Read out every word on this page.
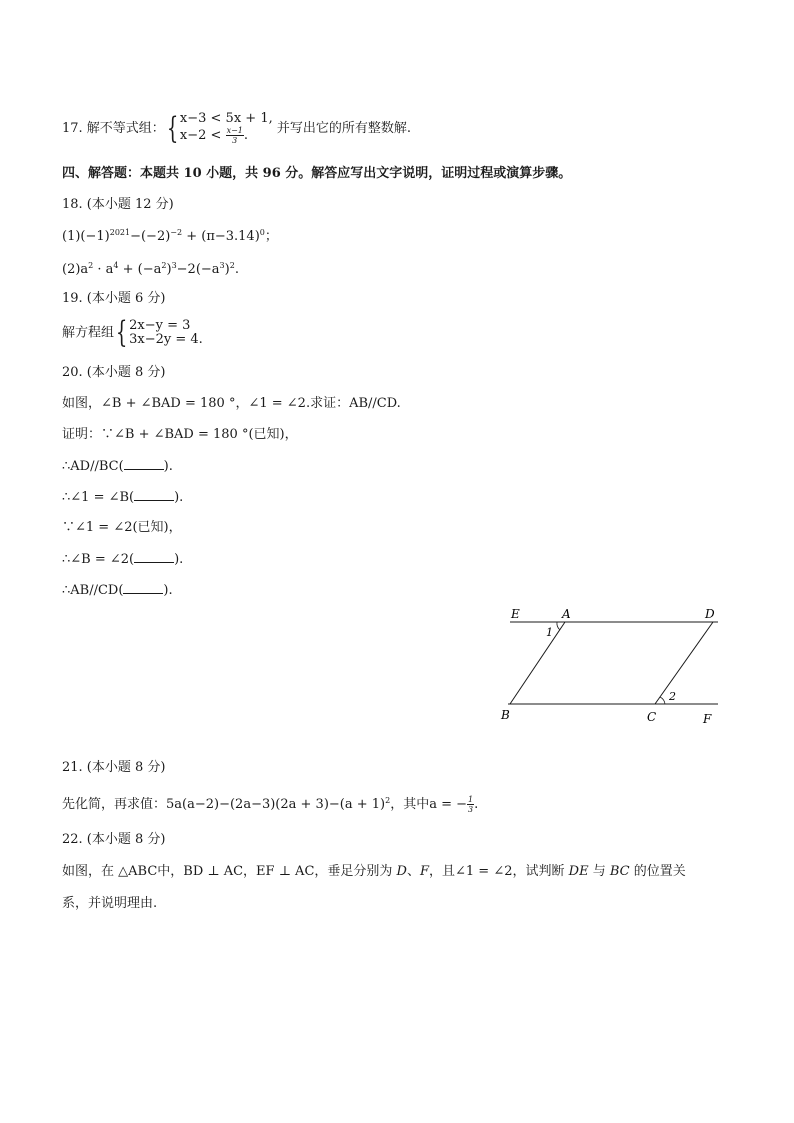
17. 解不等式组：{ x−3 < 5x + 1,
$x-2 < \frac{x-1}{3}$ . 并写出它的所有整数解.
四、解答题：本题共 10 小题，共 96 分。解答应写出文字说明，证明过程或演算步骤。
18. (本小题 12 分)
$(1)(-1)^{2021}-(-2)^{-2} + (\pi-3.14)^0$；
$(2)a^2 \cdot a^4 + (-a^2)^3-2(-a^3)^2$.
19. (本小题 6 分)
解方程组{ 2x−y = 3
3x−2y = 4.
20. (本小题 8 分)
如图，∠B + ∠BAD = 180 °，∠1 = ∠2.求证：AB//CD.
证明：∵∠B + ∠BAD = 180 °(已知)，
∴AD//BC(	).
∴∠1 = ∠B(	).
∵∠1 = ∠2(已知)，
∴∠B = ∠2(	).
∴AB//CD(	).
E	A	D
1
2
B	C	F
21. (本小题 8 分)
先化简，再求值：$5a(a-2)-(2a-3)(2a + 3)-(a + 1)^2$，其中a = − $\frac{1}{3}$ .
22. (本小题 8 分)
如图，在 △ABC中，BD ⊥ AC，EF ⊥ AC，垂足分别为 D、F，且∠1 = ∠2，试判断 DE 与 BC 的位置关
系，并说明理由.
